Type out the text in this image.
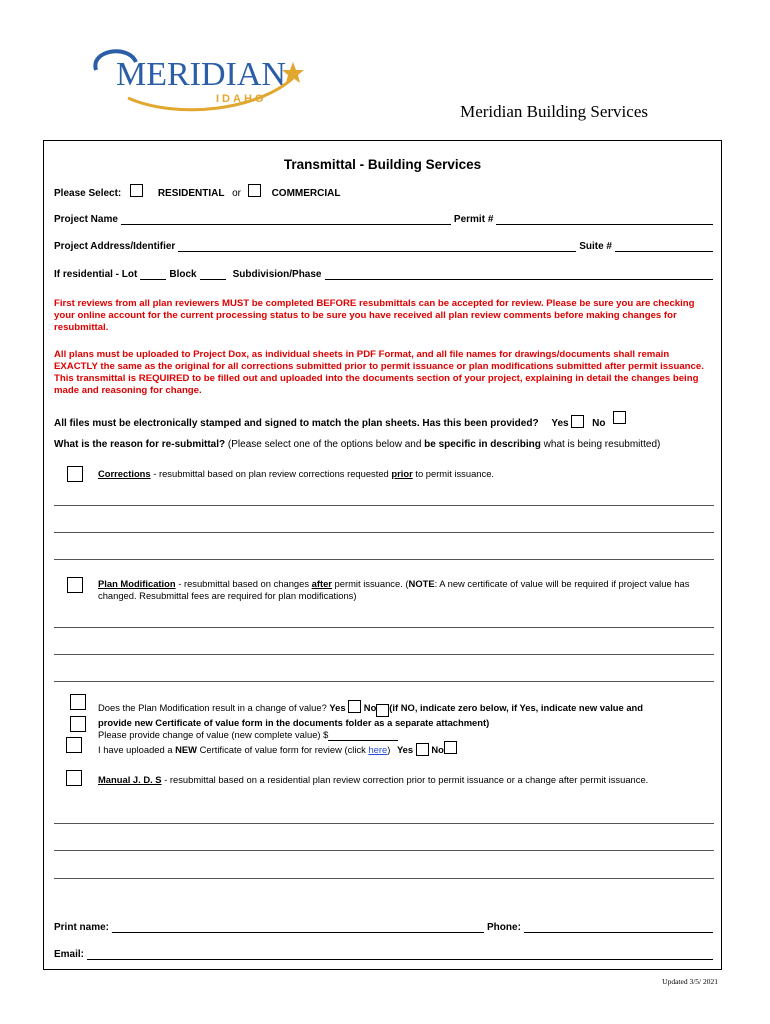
MERIDIAN
IDAHO
Meridian Building Services
Transmittal - Building Services
Please Select:	RESIDENTIAL or	COMMERCIAL
Project Name	Permit #
Project Address/Identifier	Suite #
If residential - Lot	Block	Subdivision/Phase
First reviews from all plan reviewers MUST be completed BEFORE resubmittals can be accepted for review. Please be sure you are checking your online account for the current processing status to be sure you have received all plan review comments before making changes for resubmittal.
All plans must be uploaded to Project Dox, as individual sheets in PDF Format, and all file names for drawings/documents shall remain EXACTLY the same as the original for all corrections submitted prior to permit issuance or plan modifications submitted after permit issuance. This transmittal is REQUIRED to be filled out and uploaded into the documents section of your project, explaining in detail the changes being made and reasoning for change.
All files must be electronically stamped and signed to match the plan sheets. Has this been provided? Yes No
What is the reason for re-submittal? (Please select one of the options below and be specific in describing what is being resubmitted)
Corrections - resubmittal based on plan review corrections requested prior to permit issuance.
Plan Modification - resubmittal based on changes after permit issuance. (NOTE: A new certificate of value will be required if project value has changed. Resubmittal fees are required for plan modifications)
Does the Plan Modification result in a change of value? Yes No (if NO, indicate zero below, if Yes, indicate new value and
provide new Certificate of value form in the documents folder as a separate attachment)
Please provide change of value (new complete value) $
I have uploaded a NEW Certificate of value form for review (click here) Yes No
Manual J. D. S - resubmittal based on a residential plan review correction prior to permit issuance or a change after permit issuance.
Print name:	Phone:
Email:
Updated 3/5/ 2021
